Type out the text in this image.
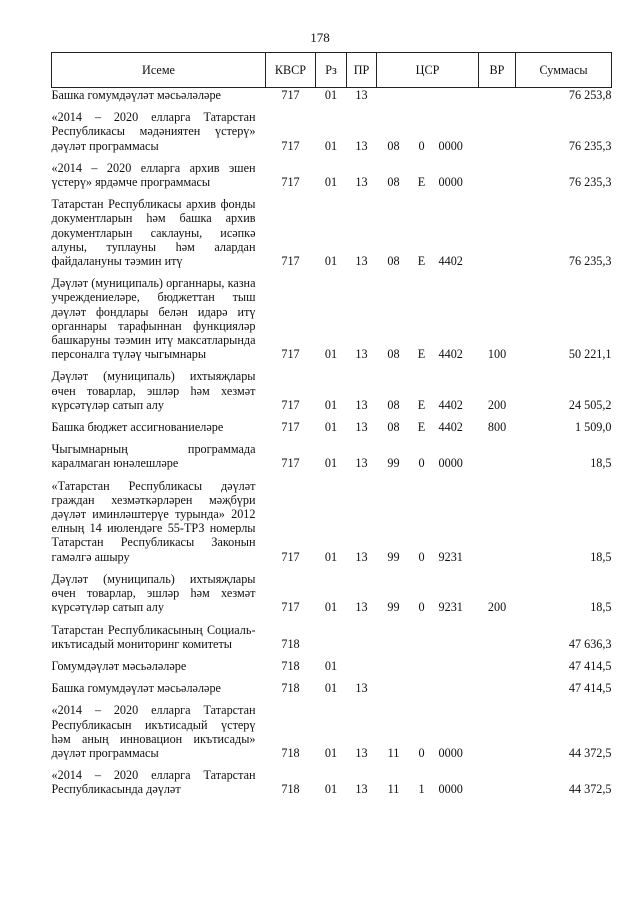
178
Исеме	КВСР	Рз	ПР	ЦСР			ВР	Суммасы
Башка гомумдәүләт мәсьәләләре	717	01	13					76 253,8
«2014 – 2020 елларга Татарстан Республикасы мәдәниятен үстерү» дәүләт программасы	717	01	13	08	0	0000		76 235,3
«2014 – 2020 елларга архив эшен үстерү» ярдәмче программасы	717	01	13	08	Е	0000		76 235,3
Татарстан Республикасы архив фонды документларын һәм башка архив документларын саклауны, исәпкә алуны, туплауны һәм алардан файдалануны тәэмин итү	717	01	13	08	Е	4402		76 235,3
Дәүләт (муниципаль) органнары, казна учреждениеләре, бюджеттан тыш дәүләт фондлары белән идарә итү органнары тарафыннан функцияләр башкаруны тәэмин итү максатларында персоналга түләү чыгымнары	717	01	13	08	Е	4402	100	50 221,1
Дәүләт (муниципаль) ихтыяҗлары өчен товарлар, эшләр һәм хезмәт күрсәтүләр сатып алу	717	01	13	08	Е	4402	200	24 505,2
Башка бюджет ассигнованиеләре	717	01	13	08	Е	4402	800	1 509,0
Чыгымнарның программада каралмаган юнәлешләре	717	01	13	99	0	0000		18,5
«Татарстан Республикасы дәүләт граждан хезмәткәрләрен мәҗбүри дәүләт иминләштерүе турында» 2012 елның 14 июлендәге 55-ТРЗ номерлы Татарстан Республикасы Законын гамәлгә ашыру	717	01	13	99	0	9231		18,5
Дәүләт (муниципаль) ихтыяҗлары өчен товарлар, эшләр һәм хезмәт күрсәтүләр сатып алу	717	01	13	99	0	9231	200	18,5
Татарстан Республикасының Социаль-икътисадый мониторинг комитеты	718							47 636,3
Гомумдәүләт мәсьәләләре	718	01						47 414,5
Башка гомумдәүләт мәсьәләләре	718	01	13					47 414,5
«2014 – 2020 елларга Татарстан Республикасын икътисадый үстерү һәм аның инновацион икътисады» дәүләт программасы	718	01	13	11	0	0000		44 372,5
«2014 – 2020 елларга Татарстан Республикасында дәүләт	718	01	13	11	1	0000		44 372,5
